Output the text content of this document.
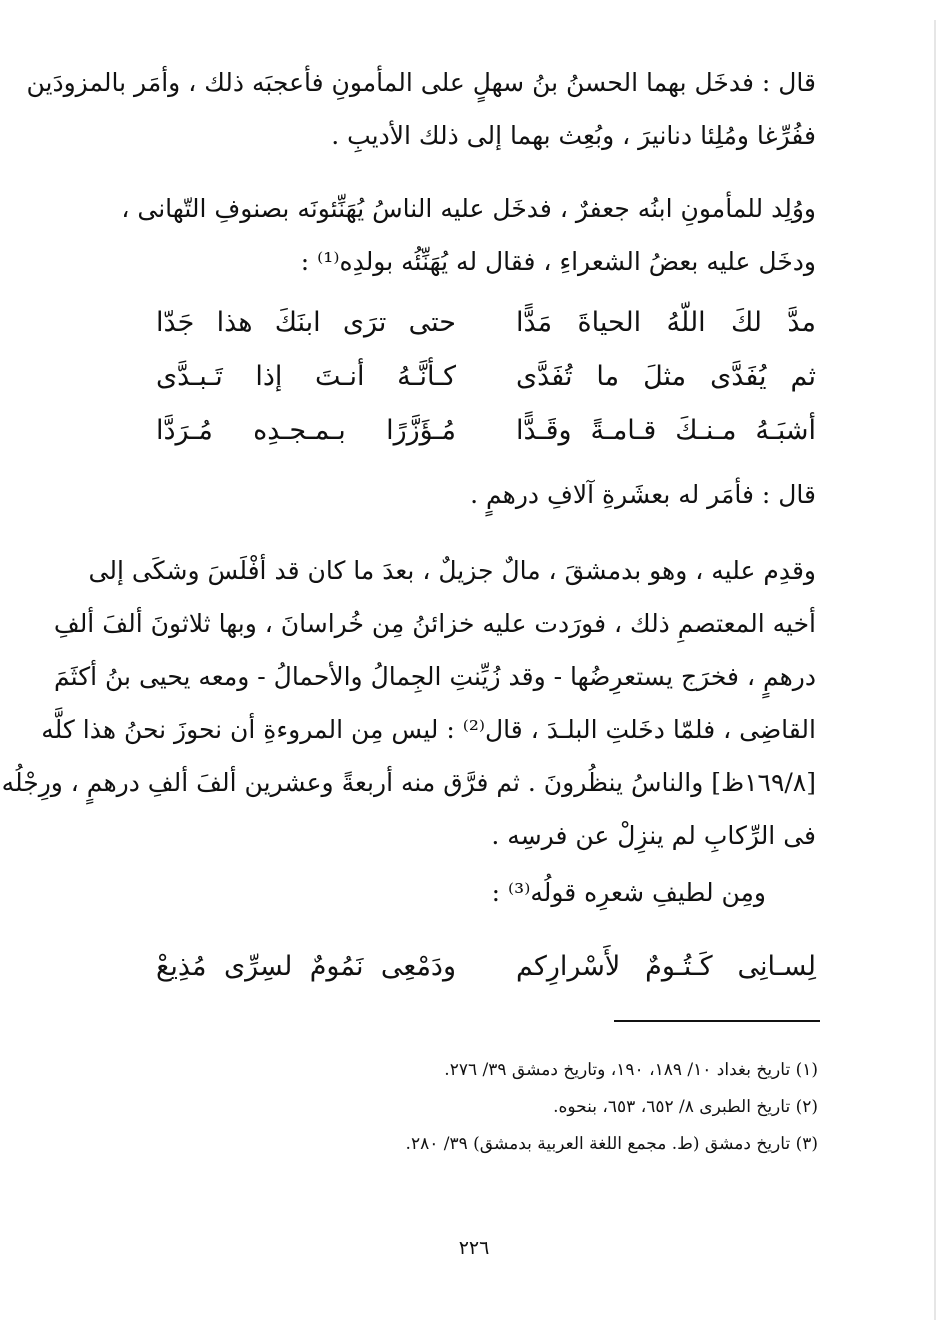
قال : فدخَل بهما الحسنُ بنُ سهلٍ على المأمونِ فأعجبَه ذلك ، وأمَر بالمزودَين
ففُرِّغا ومُلِئا دنانيرَ ، وبُعِث بهما إلى ذلك الأديبِ .
ووُلِد للمأمونِ ابنُه جعفرٌ ، فدخَل عليه الناسُ يُهَنِّئونَه بصنوفِ التّهانى ،
ودخَل عليه بعضُ الشعراءِ ، فقال له يُهَنِّئُه بولدِه⁽¹⁾ :
مدَّ لكَ اللّهُ الحياةَ مَدًّا
حتى ترَى ابنَكَ هذا جَدّا
ثم يُفَدَّى مثلَ ما تُفَدَّى
كـأنَّـهُ أنـتَ إذا تَـبـدَّى
أشبَـهُ مـنـكَ قـامـةً وقَـدًّا
مُـؤَزَّرًا بـمـجـدِه مُـرَدَّا
قال : فأمَر له بعشَرةِ آلافِ درهمٍ .
وقدِم عليه ، وهو بدمشقَ ، مالٌ جزيلٌ ، بعدَ ما كان قد أفْلَسَ وشكَى إلى
أخيه المعتصمِ ذلك ، فورَدت عليه خزائنُ مِن خُراسانَ ، وبها ثلاثونَ ألفَ ألفِ
درهمٍ ، فخرَج يستعرِضُها - وقد زُيِّنتِ الجِمالُ والأحمالُ - ومعه يحيى بنُ أكثَمَ
القاضِى ، فلمّا دخَلتِ البلـدَ ، قال⁽²⁾ : ليس مِن المروءةِ أن نحوزَ نحنُ هذا كلَّه
[١٦٩/٨ظ] والناسُ ينظُرونَ . ثم فرَّق منه أربعةً وعشرين ألفَ ألفِ درهمٍ ، ورِجْلُه
فى الرِّكابِ لم ينزِلْ عن فرسِه .
ومِن لطيفِ شعرِه قولُه⁽³⁾ :
لِسـانِى كَـتُـومٌ لأَسْرارِكم
ودَمْعِى نَمُومٌ لسِرِّى مُذِيعْ
(١) تاريخ بغداد ١٠/ ١٨٩، ١٩٠، وتاريخ دمشق ٣٩/ ٢٧٦.
(٢) تاريخ الطبرى ٨/ ٦٥٢، ٦٥٣، بنحوه.
(٣) تاريخ دمشق (ط. مجمع اللغة العربية بدمشق) ٣٩/ ٢٨٠.
٢٢٦
